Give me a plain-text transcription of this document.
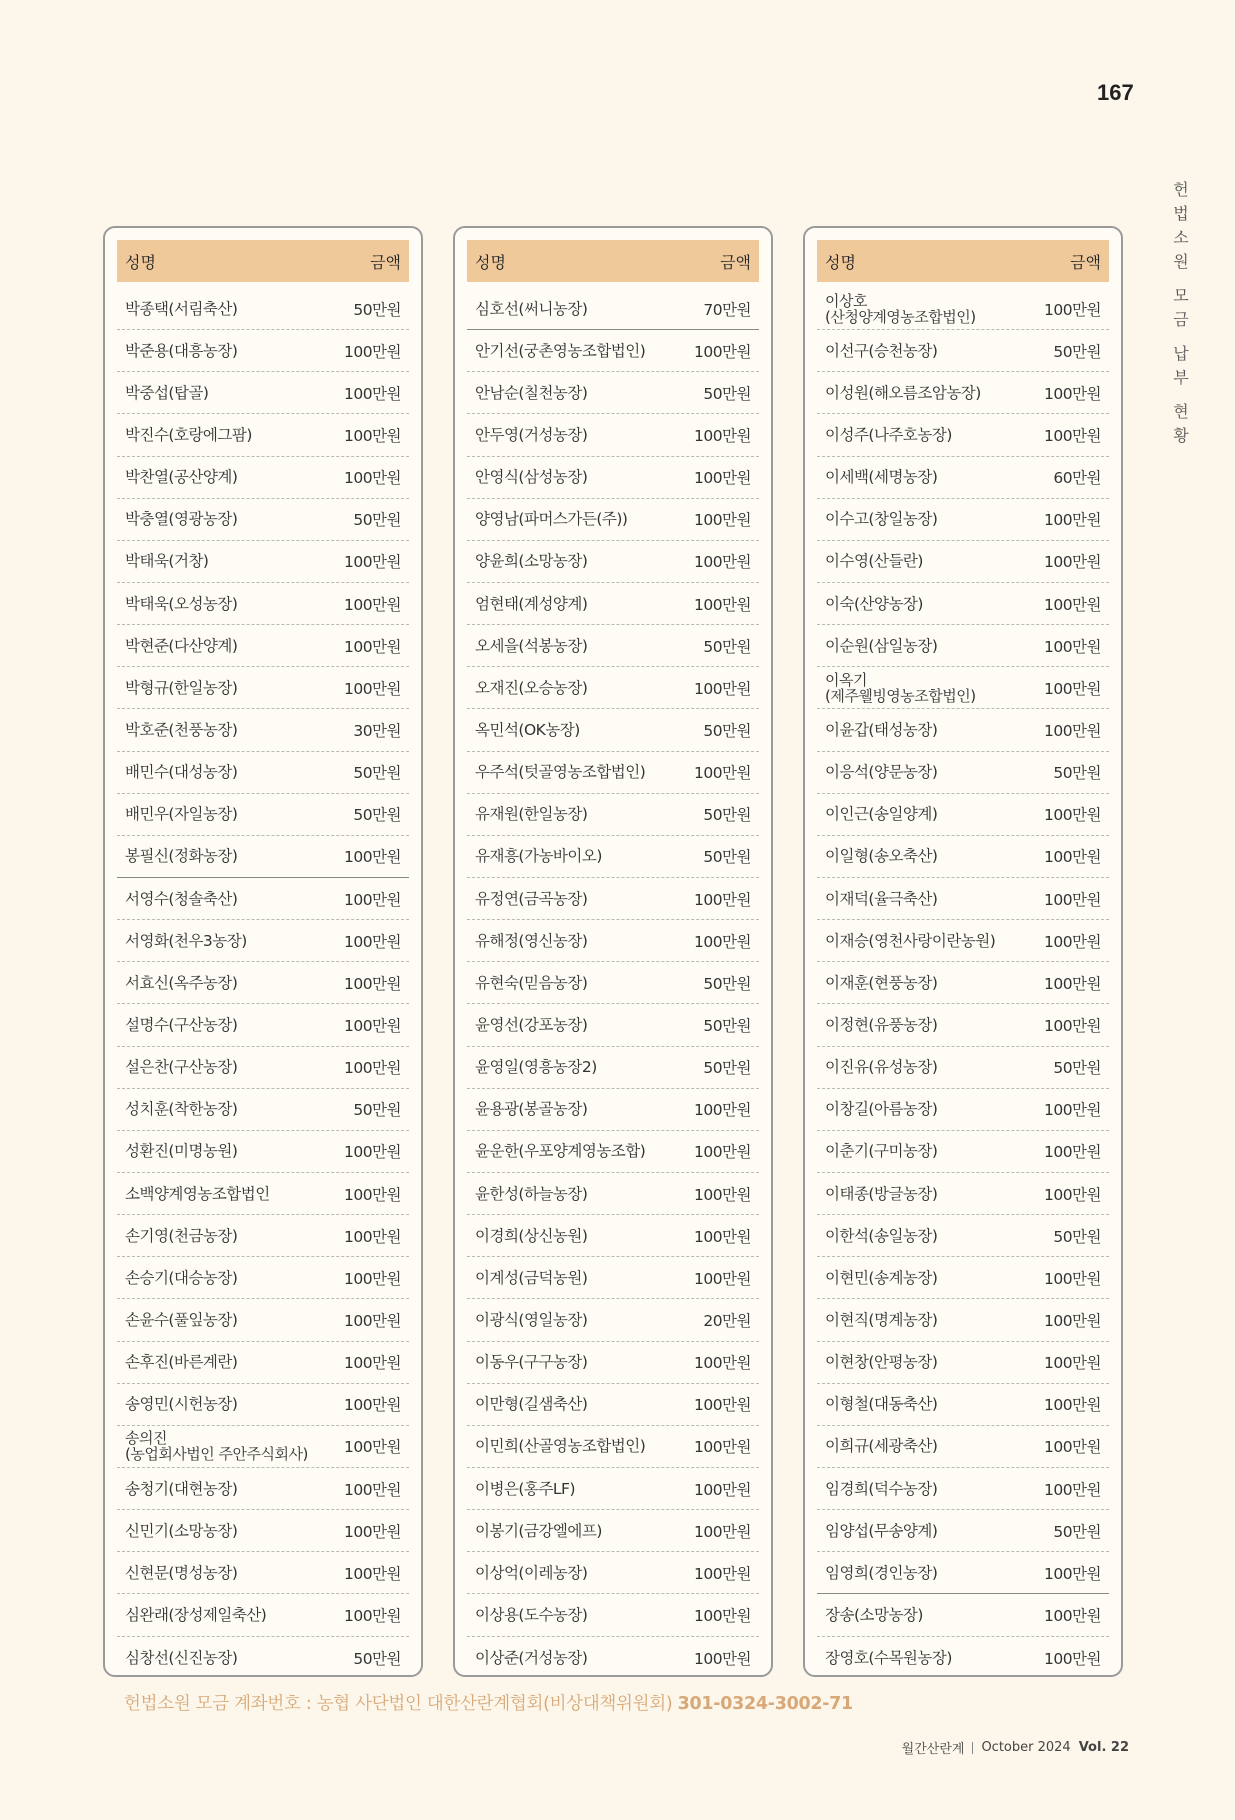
167
헌
법
소
원
모
금
납
부
현
황
성명	금액
박종택(서림축산)	50만원
박준용(대흥농장)	100만원
박중섭(탑골)	100만원
박진수(호랑에그팜)	100만원
박찬열(공산양계)	100만원
박충열(영광농장)	50만원
박태욱(거창)	100만원
박태욱(오성농장)	100만원
박현준(다산양계)	100만원
박형규(한일농장)	100만원
박호준(천풍농장)	30만원
배민수(대성농장)	50만원
배민우(자일농장)	50만원
봉필신(정화농장)	100만원
서영수(청솔축산)	100만원
서영화(천우3농장)	100만원
서효신(옥주농장)	100만원
설명수(구산농장)	100만원
설은찬(구산농장)	100만원
성치훈(착한농장)	50만원
성환진(미명농원)	100만원
소백양계영농조합법인	100만원
손기영(천금농장)	100만원
손승기(대승농장)	100만원
손윤수(풀잎농장)	100만원
손후진(바른계란)	100만원
송영민(시헌농장)	100만원
송의진
(농업회사법인 주안주식회사) 100만원
송청기(대현농장)	100만원
신민기(소망농장)	100만원
신현문(명성농장)	100만원
심완래(장성제일축산)	100만원
심창선(신진농장)	50만원
성명	금액
심호선(써니농장)	70만원
안기선(궁촌영농조합법인)	100만원
안남순(칠천농장)	50만원
안두영(거성농장)	100만원
안영식(삼성농장)	100만원
양영남(파머스가든(주))	100만원
양윤희(소망농장)	100만원
엄현태(계성양계)	100만원
오세을(석봉농장)	50만원
오재진(오승농장)	100만원
옥민석(OK농장)	50만원
우주석(텃골영농조합법인)	100만원
유재원(한일농장)	50만원
유재흥(가농바이오)	50만원
유정연(금곡농장)	100만원
유해정(영신농장)	100만원
유현숙(믿음농장)	50만원
윤영선(강포농장)	50만원
윤영일(영흥농장2)	50만원
윤용광(봉골농장)	100만원
윤운한(우포양계영농조합)	100만원
윤한성(하늘농장)	100만원
이경희(상신농원)	100만원
이계성(금덕농원)	100만원
이광식(영일농장)	20만원
이동우(구구농장)	100만원
이만형(길샘축산)	100만원
이민희(산골영농조합법인)	100만원
이병은(홍주LF)	100만원
이봉기(금강엘에프)	100만원
이상억(이레농장)	100만원
이상용(도수농장)	100만원
이상준(거성농장)	100만원
성명	금액
이상호
(산청양계영농조합법인)	100만원
이선구(승천농장)	50만원
이성원(해오름조암농장)	100만원
이성주(나주호농장)	100만원
이세백(세명농장)	60만원
이수고(창일농장)	100만원
이수영(산들란)	100만원
이숙(산양농장)	100만원
이순원(삼일농장)	100만원
이옥기
(제주웰빙영농조합법인)	100만원
이윤갑(태성농장)	100만원
이응석(양문농장)	50만원
이인근(송일양계)	100만원
이일형(송오축산)	100만원
이재덕(율극축산)	100만원
이재승(영천사랑이란농원)	100만원
이재훈(현풍농장)	100만원
이정현(유풍농장)	100만원
이진유(유성농장)	50만원
이창길(아름농장)	100만원
이춘기(구미농장)	100만원
이태종(방글농장)	100만원
이한석(송일농장)	50만원
이현민(송계농장)	100만원
이현직(명계농장)	100만원
이현창(안평농장)	100만원
이형철(대동축산)	100만원
이희규(세광축산)	100만원
임경희(덕수농장)	100만원
임양섭(무송양계)	50만원
임영희(경인농장)	100만원
장송(소망농장)	100만원
장영호(수목원농장)	100만원
헌법소원 모금 계좌번호 : 농협 사단법인 대한산란계협회(비상대책위원회) 301-0324-3002-71
월간산란계 October 2024 Vol. 22
